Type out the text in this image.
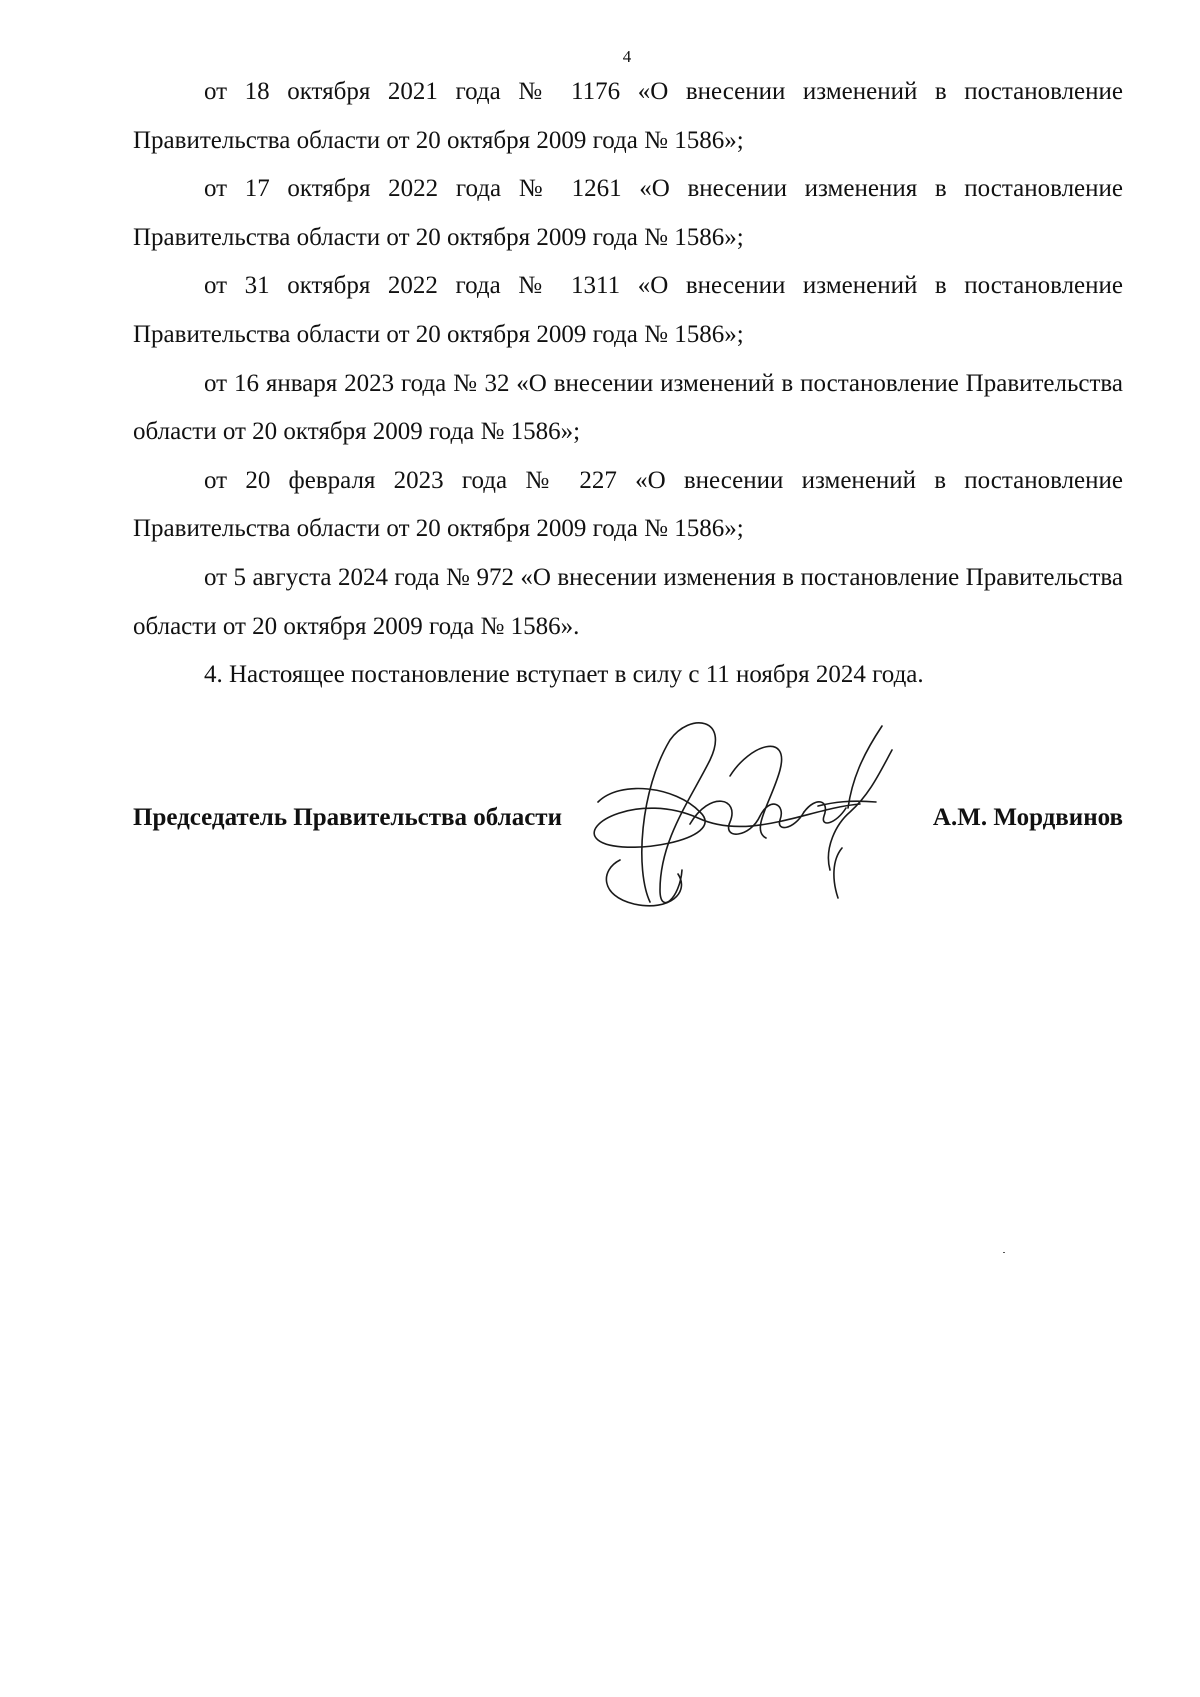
4

от 18 октября 2021 года № 1176 «О внесении изменений в постановление Правительства области от 20 октября 2009 года № 1586»;

от 17 октября 2022 года № 1261 «О внесении изменения в постановление Правительства области от 20 октября 2009 года № 1586»;

от 31 октября 2022 года № 1311 «О внесении изменений в постановление Правительства области от 20 октября 2009 года № 1586»;

от 16 января 2023 года № 32 «О внесении изменений в постановление Правительства области от 20 октября 2009 года № 1586»;

от 20 февраля 2023 года № 227 «О внесении изменений в постановление Правительства области от 20 октября 2009 года № 1586»;

от 5 августа 2024 года № 972 «О внесении изменения в постановление Правительства области от 20 октября 2009 года № 1586».

4. Настоящее постановление вступает в силу с 11 ноября 2024 года.

Председатель Правительства области	А.М. Мордвинов
